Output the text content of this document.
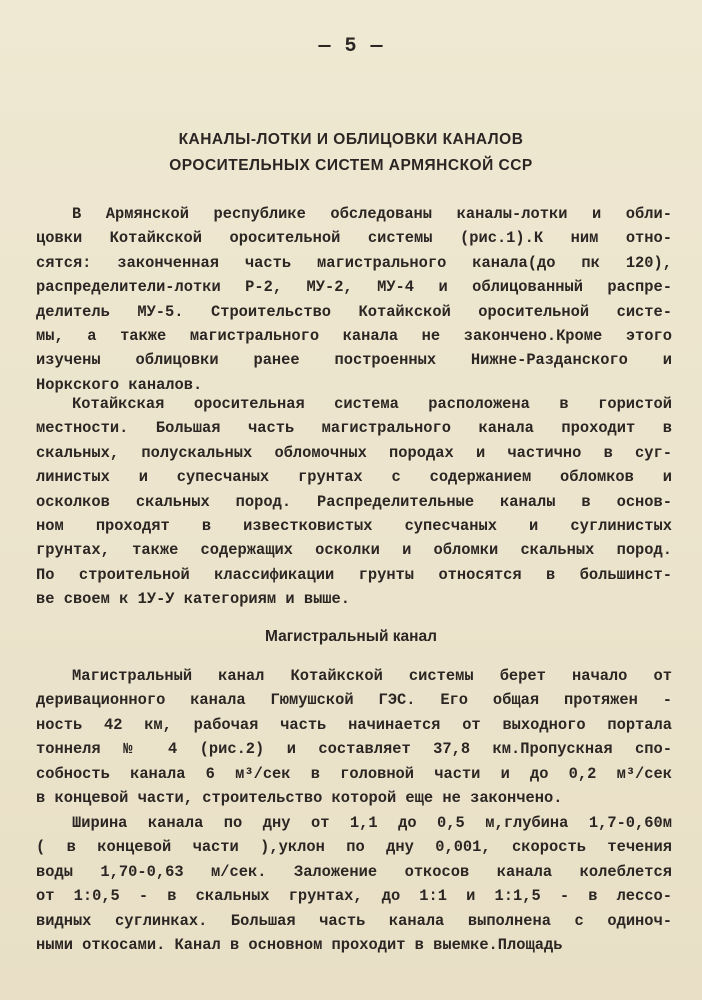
— 5 —
КАНАЛЫ-ЛОТКИ И ОБЛИЦОВКИ КАНАЛОВ
ОРОСИТЕЛЬНЫХ СИСТЕМ АРМЯНСКОЙ ССР
В Армянской республике обследованы каналы-лотки и обли-
цовки Котайкской оросительной системы (рис.1).К ним отно-
сятся: законченная часть магистрального канала(до пк 120),
распределители-лотки Р-2, МУ-2, МУ-4 и облицованный распре-
делитель МУ-5. Строительство Котайкской оросительной систе-
мы, а также магистрального канала не закончено.Кроме этого
изучены облицовки ранее построенных Нижне-Разданского и
Норкского каналов.
Котайкская оросительная система расположена в гористой
местности. Большая часть магистрального канала проходит в
скальных, полускальных обломочных породах и частично в суг-
линистых и супесчаных грунтах с содержанием обломков и
осколков скальных пород. Распределительные каналы в основ-
ном проходят в известковистых супесчаных и суглинистых
грунтах, также содержащих осколки и обломки скальных пород.
По строительной классификации грунты относятся в большинст-
ве своем к 1У-У категориям и выше.
Магистральный канал
Магистральный канал Котайкской системы берет начало от
деривационного канала Гюмушской ГЭС. Его общая протяжен -
ность 42 км, рабочая часть начинается от выходного портала
тоннеля № 4 (рис.2) и составляет 37,8 км.Пропускная спо-
собность канала 6 м³/сек в головной части и до 0,2 м³/сек
в концевой части, строительство которой еще не закончено.
Ширина канала по дну от 1,1 до 0,5 м,глубина 1,7-0,60м
( в концевой части ),уклон по дну 0,001, скорость течения
воды 1,70-0,63 м/сек. Заложение откосов канала колеблется
от 1:0,5 - в скальных грунтах, до 1:1 и 1:1,5 - в лессо-
видных суглинках. Большая часть канала выполнена с одиноч-
ными откосами. Канал в основном проходит в выемке.Площадь
